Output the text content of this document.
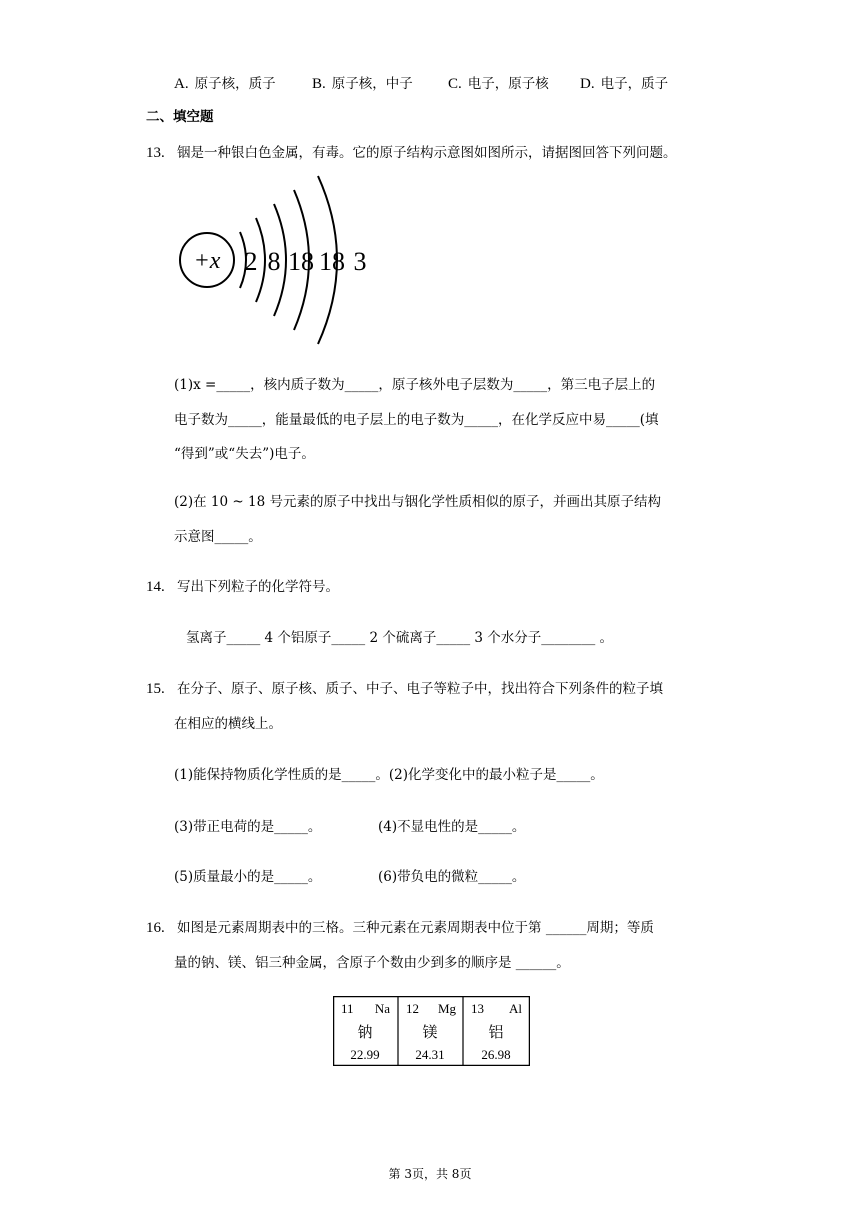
A. 原子核，质子 B. 原子核，中子 C. 电子，原子核 D. 电子，质子
二、填空题
13. 铟是一种银白色金属，有毒。它的原子结构示意图如图所示，请据图回答下列问题。
+x 2 8 18 18 3
(1)x =_____，核内质子数为_____，原子核外电子层数为_____，第三电子层上的
电子数为_____，能量最低的电子层上的电子数为_____，在化学反应中易_____(填
“得到”或“失去”)电子。
(2)在 10 ~ 18 号元素的原子中找出与铟化学性质相似的原子，并画出其原子结构
示意图_____。
14. 写出下列粒子的化学符号。
氢离子_____ 4 个铝原子_____ 2 个硫离子_____ 3 个水分子________ 。
15. 在分子、原子、原子核、质子、中子、电子等粒子中，找出符合下列条件的粒子填
在相应的横线上。
(1)能保持物质化学性质的是_____。(2)化学变化中的最小粒子是_____。
(3)带正电荷的是_____。	(4)不显电性的是_____。
(5)质量最小的是_____。	(6)带负电的微粒_____。
16. 如图是元素周期表中的三格。三种元素在元素周期表中位于第 ______周期；等质
量的钠、镁、铝三种金属，含原子个数由少到多的顺序是 ______。
11 Na 12 Mg 13 Al
钠	镁	铝
22.99	24.31	26.98
第 3页，共 8页
